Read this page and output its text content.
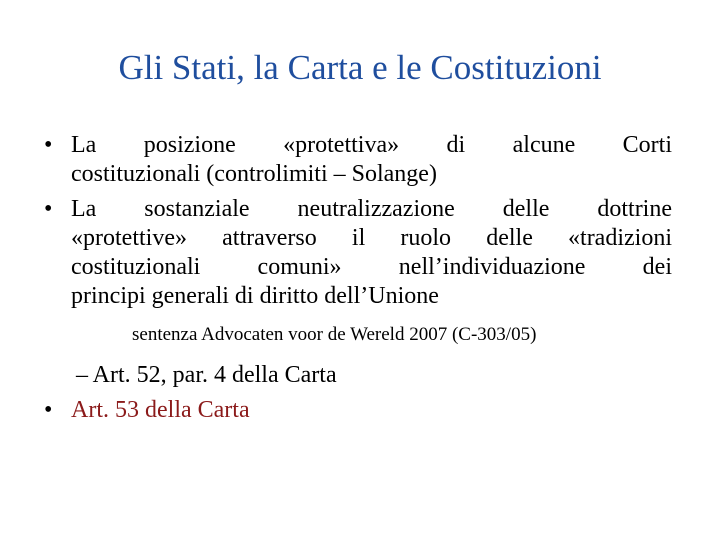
Gli Stati, la Carta e le Costituzioni
• La posizione «protettiva» di alcune Corti
costituzionali (controlimiti – Solange)
• La sostanziale neutralizzazione delle dottrine
«protettive» attraverso il ruolo delle «tradizioni
costituzionali comuni» nell’individuazione dei
principi generali di diritto dell’Unione
sentenza Advocaten voor de Wereld 2007 (C-303/05)
– Art. 52, par. 4 della Carta
• Art. 53 della Carta
